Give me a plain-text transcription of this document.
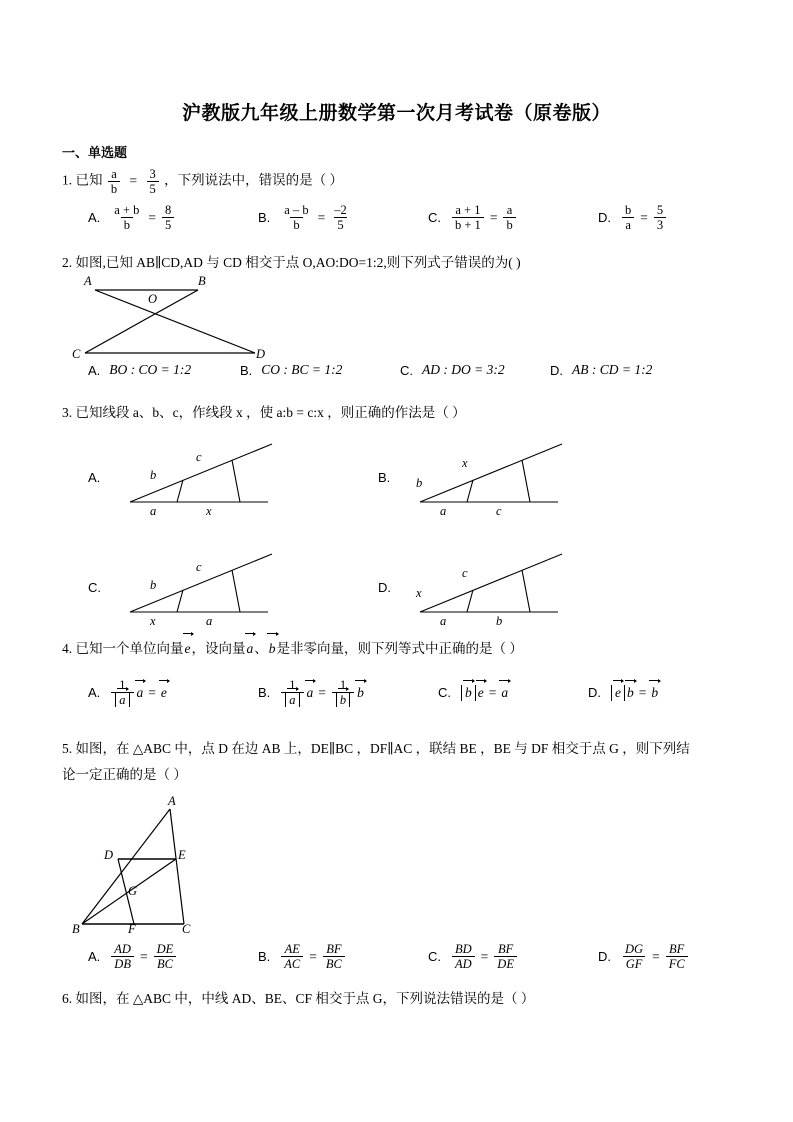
沪教版九年级上册数学第一次月考试卷（原卷版）
一、单选题
1. 已知 $\frac{a}{b} = \frac{3}{5}$ ，下列说法中，错误的是（ ）
A. $\frac{a + b}{b} = \frac{8}{5}$	B. $\frac{a - b}{b} = \frac{-2}{5}$	C. $\frac{a + 1}{b + 1} = \frac{a}{b}$	D. $\frac{b}{a} = \frac{5}{3}$
2. 如图,已知 AB∥CD,AD 与 CD 相交于点 O,AO:DO=1:2,则下列式子错误的为( )
A	B
O
C	D
A. BO : CO = 1:2	B. CO : BC = 1:2	C. AD : DO = 3:2	D. AB : CD = 1:2
3. 已知线段 a、b、c，作线段 x ，使 a:b = c:x ，则正确的作法是（ ）
A.	b
c
a	x
B. b
x
a	c
C.	b
c
x	a
D. x
c
a	b
4. 已知一个单位向量e，设向量a、b是非零向量，则下列等式中正确的是（ ）
A. $\frac{1}{a}$ a = e	B. $\frac{1}{a}$ $a = \frac{1}{b}$ b	C. b e = a	D. e b = b
5. 如图，在 △ABC 中，点 D 在边 AB 上，DE∥BC ，DF∥AC ，联结 BE ，BE 与 DF 相交于点 G ，则下列结
论一定正确的是（ ）
A
D	E
G
B	F	C
A. $\frac{AD}{DB} = \frac{DE}{BC}$	B. $\frac{AE}{AC} = \frac{BF}{BC}$	C. $\frac{BD}{AD} = \frac{BF}{DE}$	D. $\frac{DG}{GF} = \frac{BF}{FC}$
6. 如图，在 △ABC 中，中线 AD、BE、CF 相交于点 G，下列说法错误的是（ ）
